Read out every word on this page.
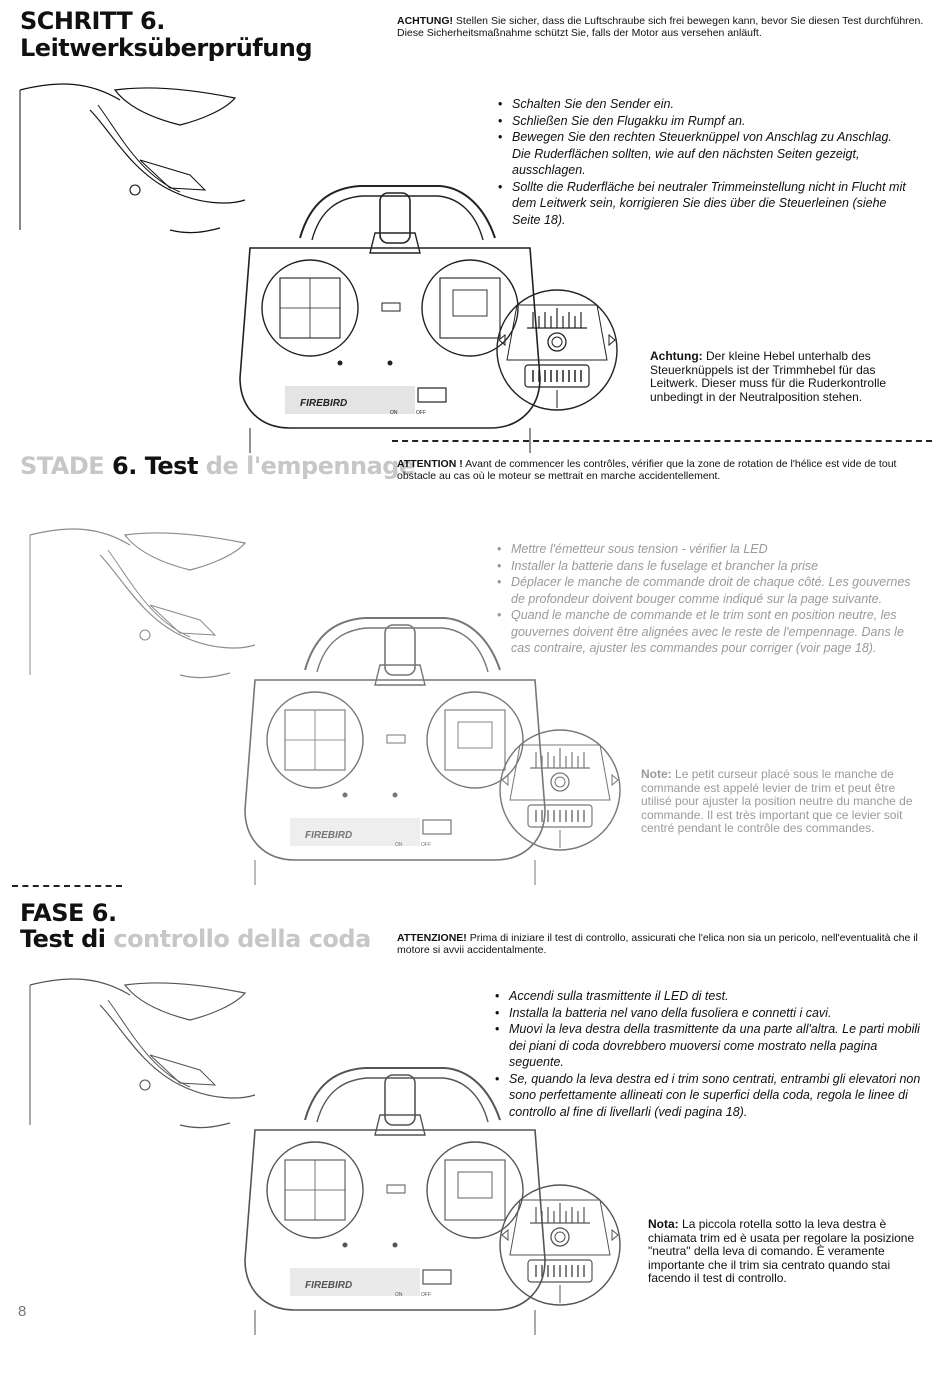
SCHRITT 6.
Leitwerksüberprüfung
ACHTUNG! Stellen Sie sicher, dass die Luftschraube sich frei bewegen kann, bevor Sie diesen Test durchführen. Diese Sicherheitsmaßnahme schützt Sie, falls der Motor aus versehen anläuft.
FIREBIRD
ON	OFF
• Schalten Sie den Sender ein.
• Schließen Sie den Flugakku im Rumpf an.
• Bewegen Sie den rechten Steuerknüppel von Anschlag zu Anschlag. Die Ruderflächen sollten, wie auf den nächsten Seiten gezeigt, ausschlagen.
• Sollte die Ruderfläche bei neutraler Trimmeinstellung nicht in Flucht mit dem Leitwerk sein, korrigieren Sie dies über die Steuerleinen (siehe Seite 18).
Achtung: Der kleine Hebel unterhalb des Steuerknüppels ist der Trimmhebel für das Leitwerk. Dieser muss für die Ruderkontrolle unbedingt in der Neutralposition stehen.
STADE 6. Test de l'empennage
ATTENTION ! Avant de commencer les contrôles, vérifier que la zone de rotation de l'hélice est vide de tout obstacle au cas où le moteur se mettrait en marche accidentellement.
FIREBIRD
ON	OFF
• Mettre l'émetteur sous tension - vérifier la LED
• Installer la batterie dans le fuselage et brancher la prise
• Déplacer le manche de commande droit de chaque côté. Les gouvernes de profondeur doivent bouger comme indiqué sur la page suivante.
• Quand le manche de commande et le trim sont en position neutre, les gouvernes doivent être alignées avec le reste de l'empennage. Dans le cas contraire, ajuster les commandes pour corriger (voir page 18).
Note: Le petit curseur placé sous le manche de commande est appelé levier de trim et peut être utilisé pour ajuster la position neutre du manche de commande. Il est très important que ce levier soit centré pendant le contrôle des commandes.
FASE 6.
Test di controllo della coda ATTENZIONE! Prima di iniziare il test di controllo, assicurati che l'elica non sia un pericolo, nell'eventualità che il motore si avvii accidentalmente.
FIREBIRD
ON	OFF
• Accendi sulla trasmittente il LED di test.
• Installa la batteria nel vano della fusoliera e connetti i cavi.
• Muovi la leva destra della trasmittente da una parte all'altra. Le parti mobili dei piani di coda dovrebbero muoversi come mostrato nella pagina seguente.
• Se, quando la leva destra ed i trim sono centrati, entrambi gli elevatori non sono perfettamente allineati con le superfici della coda, regola le linee di controllo al fine di livellarli (vedi pagina 18).
Nota: La piccola rotella sotto la leva destra è chiamata trim ed è usata per regolare la posizione "neutra" della leva di comando. È veramente importante che il trim sia centrato quando stai facendo il test di controllo.
8
